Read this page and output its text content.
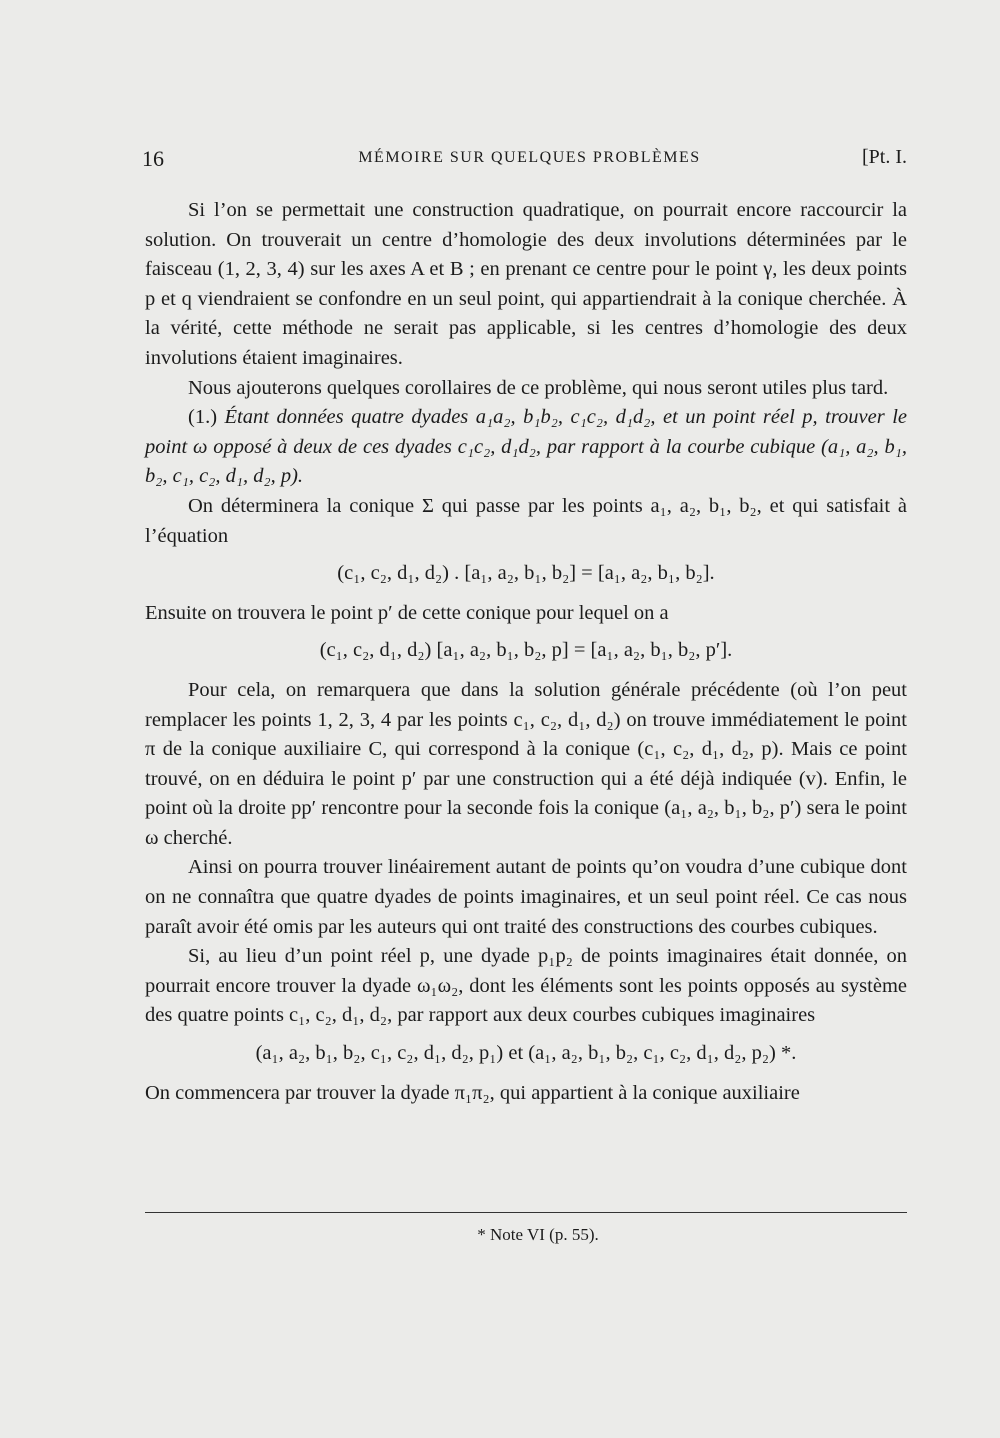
16	MÉMOIRE SUR QUELQUES PROBLÈMES	[Pt. I.

Si l’on se permettait une construction quadratique, on pourrait encore raccourcir la solution. On trouverait un centre d’homologie des deux involutions déterminées par le faisceau (1, 2, 3, 4) sur les axes A et B ; en prenant ce centre pour le point γ, les deux points p et q viendraient se confondre en un seul point, qui appartiendrait à la conique cherchée. À la vérité, cette méthode ne serait pas applicable, si les centres d’homologie des deux involutions étaient imaginaires.

Nous ajouterons quelques corollaires de ce problème, qui nous seront utiles plus tard.

(1.) Étant données quatre dyades a₁a₂, b₁b₂, c₁c₂, d₁d₂, et un point réel p, trouver le point ω opposé à deux de ces dyades c₁c₂, d₁d₂, par rapport à la courbe cubique (a₁, a₂, b₁, b₂, c₁, c₂, d₁, d₂, p).

On déterminera la conique Σ qui passe par les points a₁, a₂, b₁, b₂, et qui satisfait à l’équation

(c₁, c₂, d₁, d₂) . [a₁, a₂, b₁, b₂] = [a₁, a₂, b₁, b₂].

Ensuite on trouvera le point p′ de cette conique pour lequel on a

(c₁, c₂, d₁, d₂) [a₁, a₂, b₁, b₂, p] = [a₁, a₂, b₁, b₂, p′].

Pour cela, on remarquera que dans la solution générale précédente (où l’on peut remplacer les points 1, 2, 3, 4 par les points c₁, c₂, d₁, d₂) on trouve immédiatement le point π de la conique auxiliaire C, qui correspond à la conique (c₁, c₂, d₁, d₂, p). Mais ce point trouvé, on en déduira le point p′ par une construction qui a été déjà indiquée (v). Enfin, le point où la droite pp′ rencontre pour la seconde fois la conique (a₁, a₂, b₁, b₂, p′) sera le point ω cherché.

Ainsi on pourra trouver linéairement autant de points qu’on voudra d’une cubique dont on ne connaîtra que quatre dyades de points imaginaires, et un seul point réel. Ce cas nous paraît avoir été omis par les auteurs qui ont traité des constructions des courbes cubiques.

Si, au lieu d’un point réel p, une dyade p₁p₂ de points imaginaires était donnée, on pourrait encore trouver la dyade ω₁ω₂, dont les éléments sont les points opposés au système des quatre points c₁, c₂, d₁, d₂, par rapport aux deux courbes cubiques imaginaires

(a₁, a₂, b₁, b₂, c₁, c₂, d₁, d₂, p₁) et (a₁, a₂, b₁, b₂, c₁, c₂, d₁, d₂, p₂) *.

On commencera par trouver la dyade π₁π₂, qui appartient à la conique auxiliaire

* Note VI (p. 55).
